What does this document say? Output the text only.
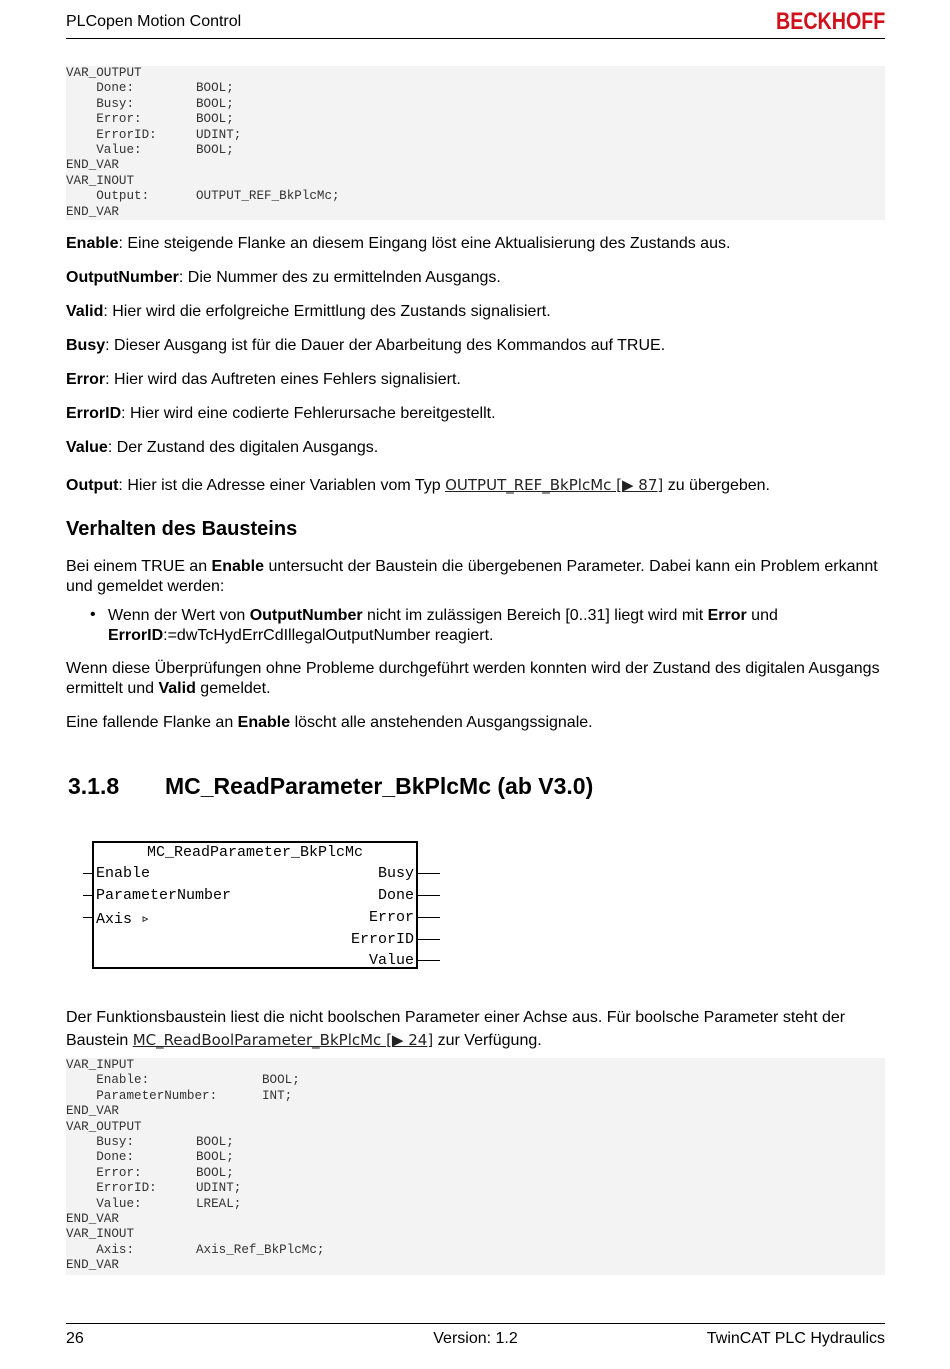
PLCopen Motion Control	BECKHOFF
VAR_OUTPUT
Done:	BOOL;
Busy:	BOOL;
Error:	BOOL;
ErrorID:	UDINT;
Value:	BOOL;
END_VAR
VAR_INOUT
Output:	OUTPUT_REF_BkPlcMc;
END_VAR
Enable: Eine steigende Flanke an diesem Eingang löst eine Aktualisierung des Zustands aus.
OutputNumber: Die Nummer des zu ermittelnden Ausgangs.
Valid: Hier wird die erfolgreiche Ermittlung des Zustands signalisiert.
Busy: Dieser Ausgang ist für die Dauer der Abarbeitung des Kommandos auf TRUE.
Error: Hier wird das Auftreten eines Fehlers signalisiert.
ErrorID: Hier wird eine codierte Fehlerursache bereitgestellt.
Value: Der Zustand des digitalen Ausgangs.
Output: Hier ist die Adresse einer Variablen vom Typ OUTPUT_REF_BkPlcMc [▶ 87] zu übergeben.
Verhalten des Bausteins
Bei einem TRUE an Enable untersucht der Baustein die übergebenen Parameter. Dabei kann ein Problem erkannt und gemeldet werden:
• Wenn der Wert von OutputNumber nicht im zulässigen Bereich [0..31] liegt wird mit Error und
ErrorID:=dwTcHydErrCdIllegalOutputNumber reagiert.
Wenn diese Überprüfungen ohne Probleme durchgeführt werden konnten wird der Zustand des digitalen Ausgangs ermittelt und Valid gemeldet.
Eine fallende Flanke an Enable löscht alle anstehenden Ausgangssignale.
3.1.8 MC_ReadParameter_BkPlcMc (ab V3.0)
MC_ReadParameter_BkPlcMc
Enable
ParameterNumber
Axis ▹
Busy
Done
Error
ErrorID
Value
Der Funktionsbaustein liest die nicht boolschen Parameter einer Achse aus. Für boolsche Parameter steht der Baustein MC_ReadBoolParameter_BkPlcMc [▶ 24] zur Verfügung.
VAR_INPUT
Enable:	BOOL;
ParameterNumber:	INT;
END_VAR
VAR_OUTPUT
Busy:	BOOL;
Done:	BOOL;
Error:	BOOL;
ErrorID:	UDINT;
Value:	LREAL;
END_VAR
VAR_INOUT
Axis:	Axis_Ref_BkPlcMc;
END_VAR
26	Version: 1.2	TwinCAT PLC Hydraulics
